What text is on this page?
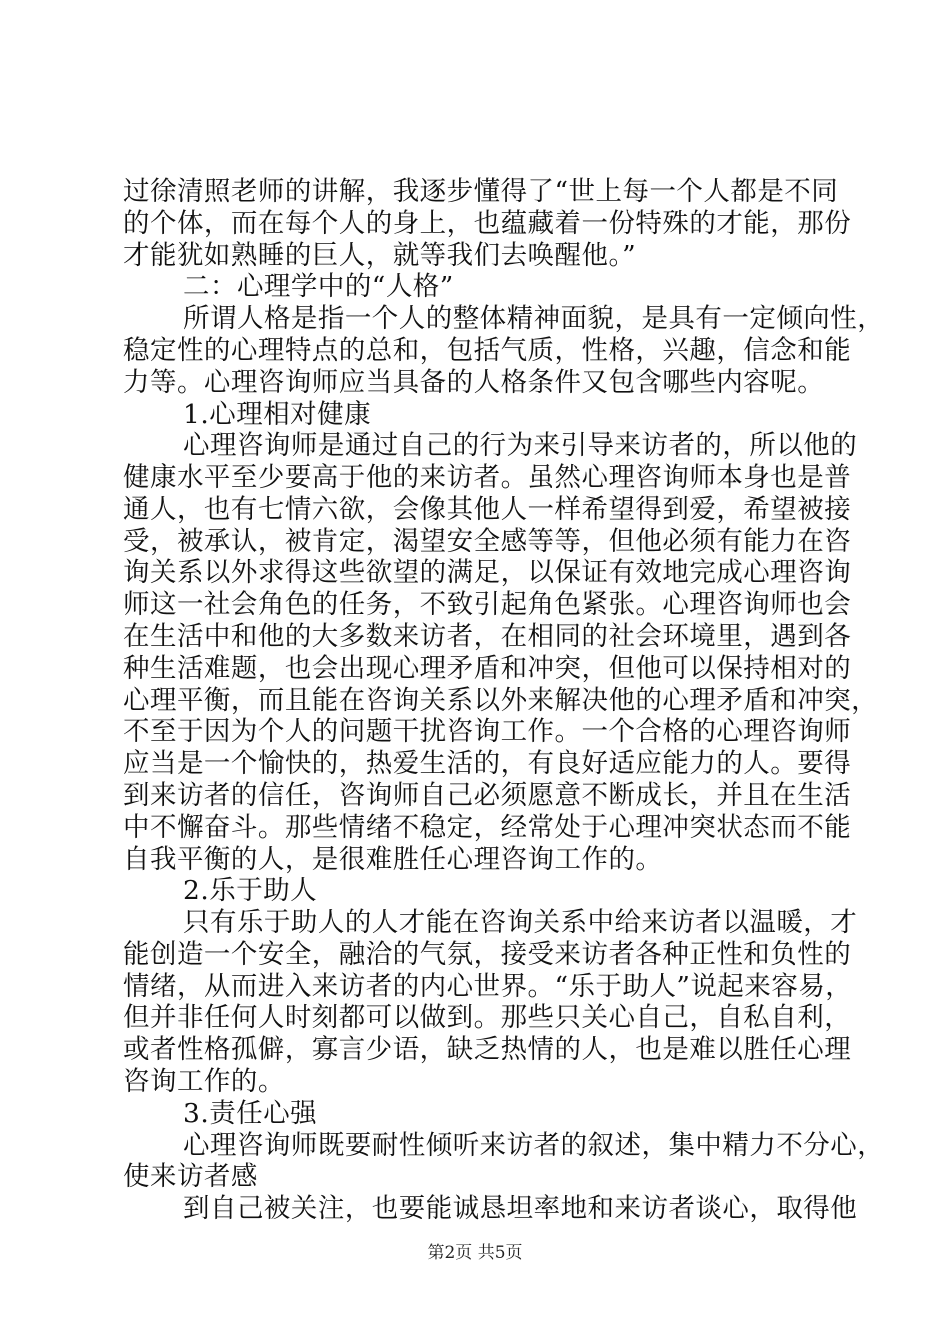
过徐清照老师的讲解，我逐步懂得了“世上每一个人都是不同
的个体，而在每个人的身上，也蕴藏着一份特殊的才能，那份
才能犹如熟睡的巨人，就等我们去唤醒他。”
二：心理学中的“人格”
所谓人格是指一个人的整体精神面貌，是具有一定倾向性，
稳定性的心理特点的总和，包括气质，性格，兴趣，信念和能
力等。心理咨询师应当具备的人格条件又包含哪些内容呢。
1.心理相对健康
心理咨询师是通过自己的行为来引导来访者的，所以他的
健康水平至少要高于他的来访者。虽然心理咨询师本身也是普
通人，也有七情六欲，会像其他人一样希望得到爱，希望被接
受，被承认，被肯定，渴望安全感等等，但他必须有能力在咨
询关系以外求得这些欲望的满足，以保证有效地完成心理咨询
师这一社会角色的任务，不致引起角色紧张。心理咨询师也会
在生活中和他的大多数来访者，在相同的社会环境里，遇到各
种生活难题，也会出现心理矛盾和冲突，但他可以保持相对的
心理平衡，而且能在咨询关系以外来解决他的心理矛盾和冲突，
不至于因为个人的问题干扰咨询工作。一个合格的心理咨询师
应当是一个愉快的，热爱生活的，有良好适应能力的人。要得
到来访者的信任，咨询师自己必须愿意不断成长，并且在生活
中不懈奋斗。那些情绪不稳定，经常处于心理冲突状态而不能
自我平衡的人，是很难胜任心理咨询工作的。
2.乐于助人
只有乐于助人的人才能在咨询关系中给来访者以温暖，才
能创造一个安全，融洽的气氛，接受来访者各种正性和负性的
情绪，从而进入来访者的内心世界。“乐于助人”说起来容易，
但并非任何人时刻都可以做到。那些只关心自己，自私自利，
或者性格孤僻，寡言少语，缺乏热情的人，也是难以胜任心理
咨询工作的。
3.责任心强
心理咨询师既要耐性倾听来访者的叙述，集中精力不分心，
使来访者感
到自己被关注，也要能诚恳坦率地和来访者谈心，取得他
第2页 共5页
